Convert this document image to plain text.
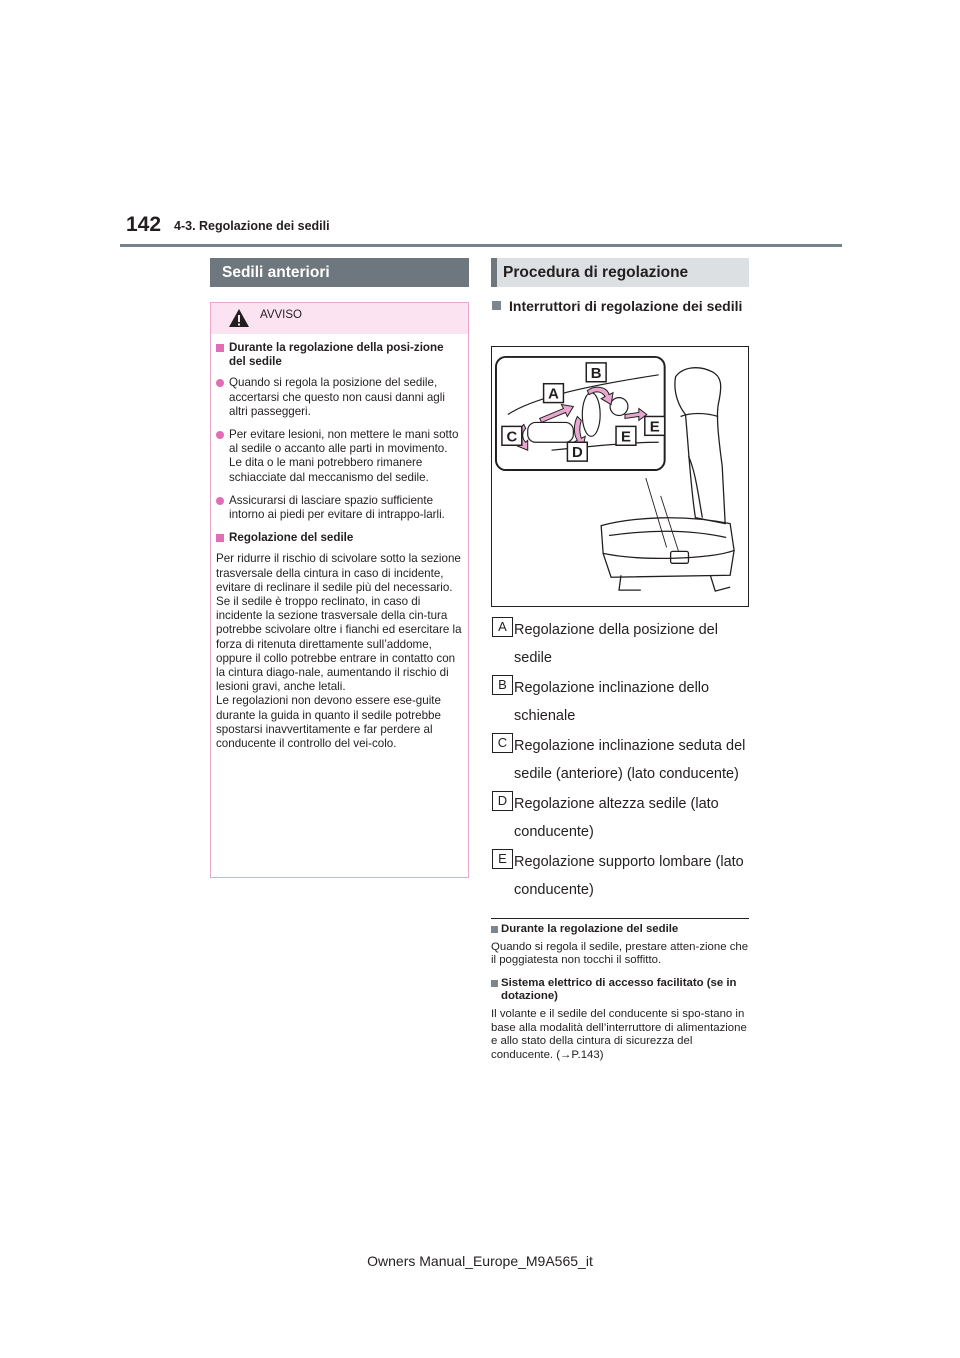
142 4-3. Regolazione dei sedili
Sedili anteriori
AVVISO

Durante la regolazione della posi-zione del sedile

Quando si regola la posizione del sedile, accertarsi che questo non causi danni agli altri passeggeri.

Per evitare lesioni, non mettere le mani sotto al sedile o accanto alle parti in movimento. Le dita o le mani potrebbero rimanere schiacciate dal meccanismo del sedile.

Assicurarsi di lasciare spazio sufficiente intorno ai piedi per evitare di intrappo-larli.

Regolazione del sedile

Per ridurre il rischio di scivolare sotto la sezione trasversale della cintura in caso di incidente, evitare di reclinare il sedile più del necessario.

Se il sedile è troppo reclinato, in caso di incidente la sezione trasversale della cin-tura potrebbe scivolare oltre i fianchi ed esercitare la forza di ritenuta direttamente sull’addome, oppure il collo potrebbe entrare in contatto con la cintura diago-nale, aumentando il rischio di lesioni gravi, anche letali.

Le regolazioni non devono essere ese-guite durante la guida in quanto il sedile potrebbe spostarsi inavvertitamente e far perdere al conducente il controllo del vei-colo.

Procedura di regolazione
Interruttori di regolazione dei sedili
A
B
C
D
E
E
A Regolazione della posizione del sedile
B Regolazione inclinazione dello schienale
C Regolazione inclinazione seduta del sedile (anteriore) (lato conducente)
D Regolazione altezza sedile (lato conducente)
E Regolazione supporto lombare (lato conducente)

Durante la regolazione del sedile

Quando si regola il sedile, prestare atten-zione che il poggiatesta non tocchi il soffitto.

Sistema elettrico di accesso facilitato (se in dotazione)

Il volante e il sedile del conducente si spo-stano in base alla modalità dell’interruttore di alimentazione e allo stato della cintura di sicurezza del conducente. (→P.143)

Owners Manual_Europe_M9A565_it
